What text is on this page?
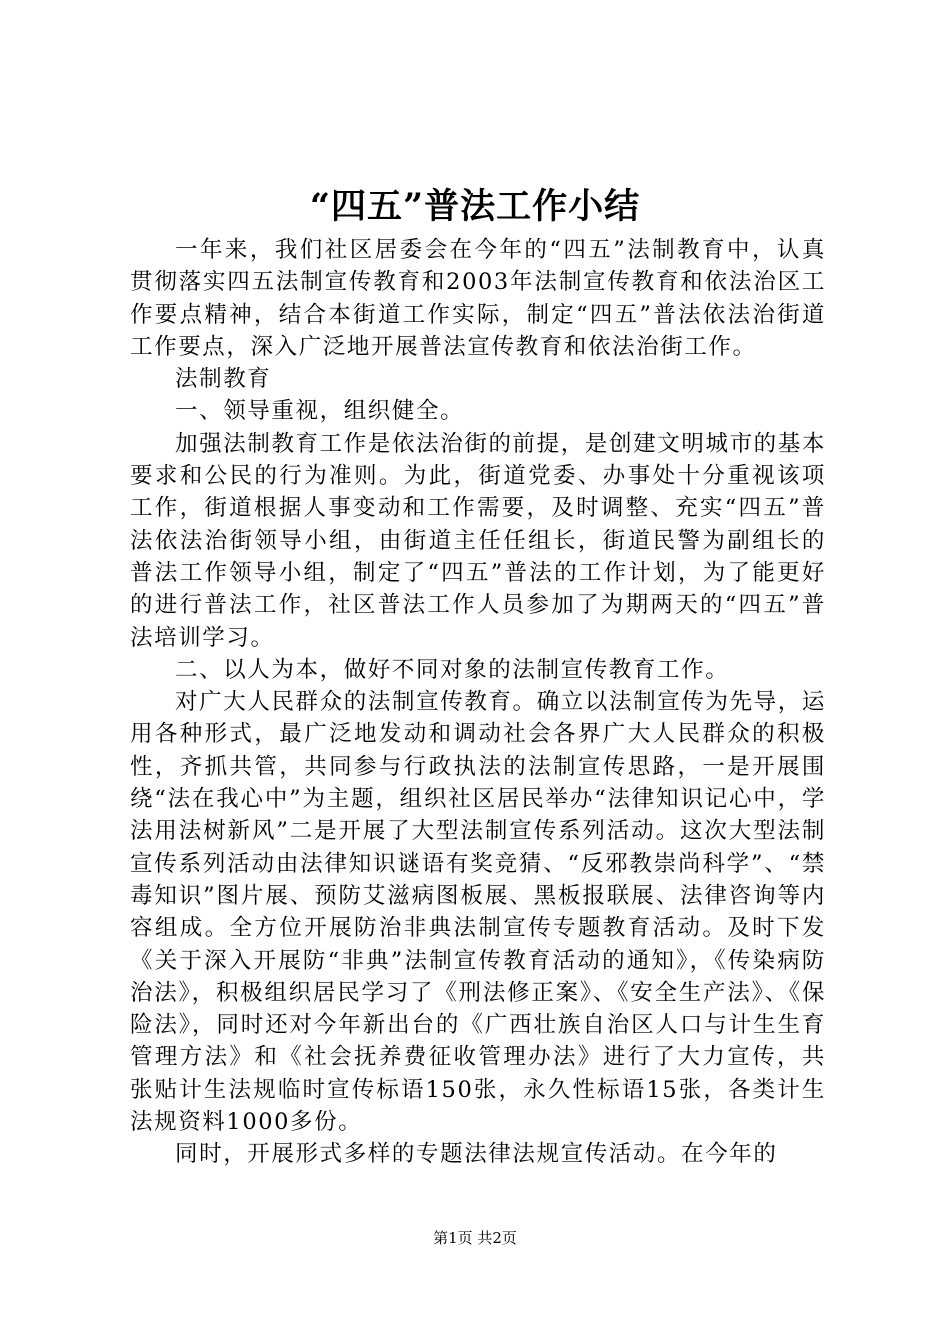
“四五”普法工作小结

一年来，我们社区居委会在今年的“四五”法制教育中，认真贯彻落实四五法制宣传教育和2003年法制宣传教育和依法治区工作要点精神，结合本街道工作实际，制定“四五”普法依法治街道工作要点，深入广泛地开展普法宣传教育和依法治街工作。

法制教育

一、领导重视，组织健全。

加强法制教育工作是依法治街的前提，是创建文明城市的基本要求和公民的行为准则。为此，街道党委、办事处十分重视该项工作，街道根据人事变动和工作需要，及时调整、充实“四五”普法依法治街领导小组，由街道主任任组长，街道民警为副组长的普法工作领导小组，制定了“四五”普法的工作计划，为了能更好的进行普法工作，社区普法工作人员参加了为期两天的“四五”普法培训学习。

二、以人为本，做好不同对象的法制宣传教育工作。

对广大人民群众的法制宣传教育。确立以法制宣传为先导，运用各种形式，最广泛地发动和调动社会各界广大人民群众的积极性，齐抓共管，共同参与行政执法的法制宣传思路，一是开展围绕“法在我心中”为主题，组织社区居民举办“法律知识记心中，学法用法树新风”二是开展了大型法制宣传系列活动。这次大型法制宣传系列活动由法律知识谜语有奖竞猜、“反邪教崇尚科学”、“禁毒知识”图片展、预防艾滋病图板展、黑板报联展、法律咨询等内容组成。全方位开展防治非典法制宣传专题教育活动。及时下发《关于深入开展防“非典”法制宣传教育活动的通知》，《传染病防治法》，积极组织居民学习了《刑法修正案》、《安全生产法》、《保险法》，同时还对今年新出台的《广西壮族自治区人口与计生生育管理方法》和《社会抚养费征收管理办法》进行了大力宣传，共张贴计生法规临时宣传标语150张，永久性标语15张，各类计生法规资料1000多份。

同时，开展形式多样的专题法律法规宣传活动。在今年的

第1页 共2页
